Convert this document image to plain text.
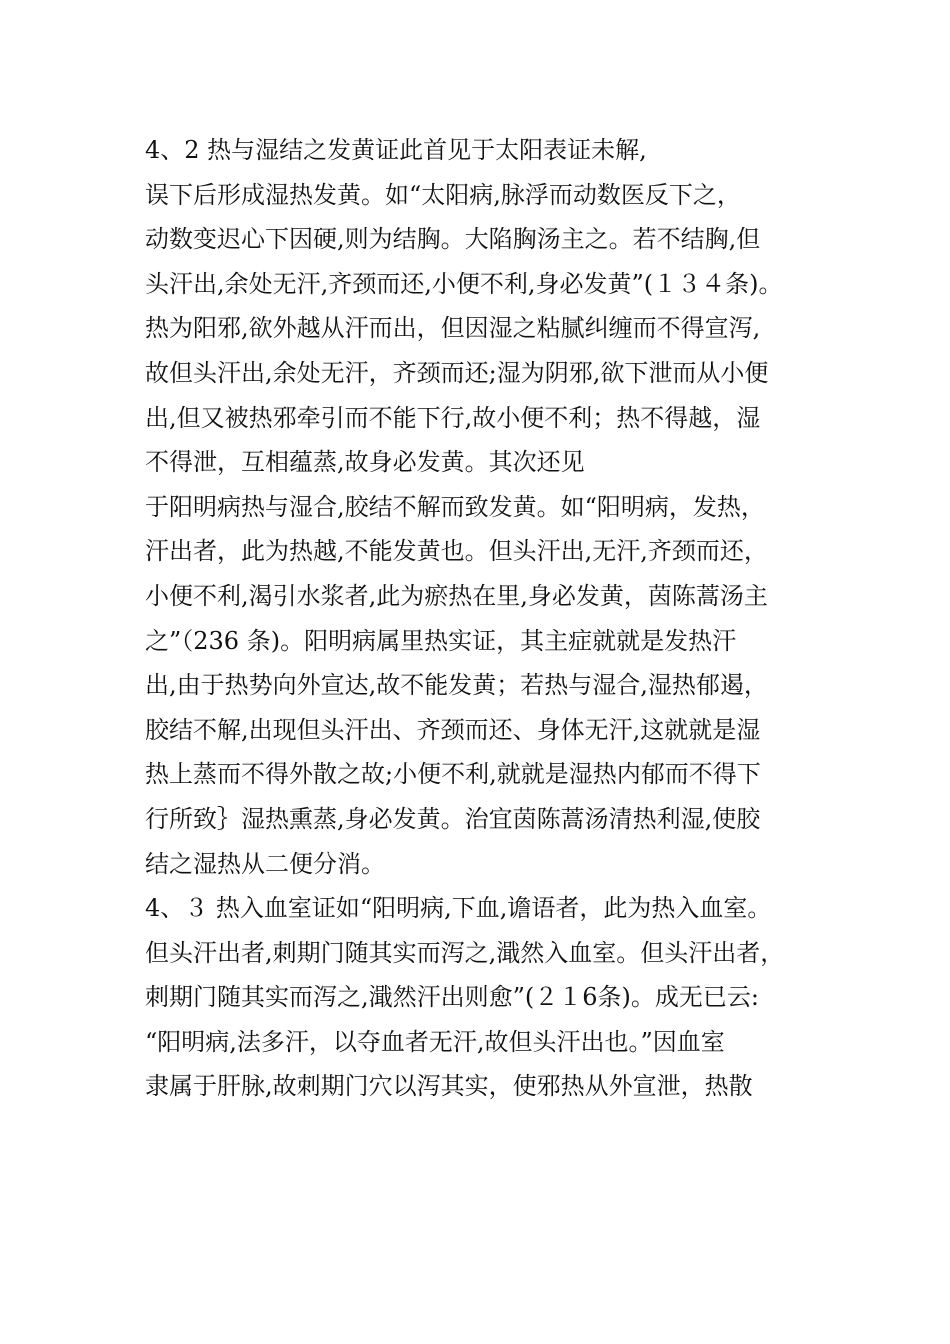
4、2 热与湿结之发黄证此首见于太阳表证未解,
误下后形成湿热发黄。如“太阳病,脉浮而动数医反下之，
动数变迟心下因硬,则为结胸。大陷胸汤主之。若不结胸,但
头汗出,余处无汗,齐颈而还,小便不利,身必发黄”(１３４条)。
热为阳邪,欲外越从汗而出，但因湿之粘腻纠缠而不得宣泻,
故但头汗出,余处无汗，齐颈而还;湿为阴邪,欲下泄而从小便
出,但又被热邪牵引而不能下行,故小便不利；热不得越，湿
不得泄，互相蕴蒸,故身必发黄。其次还见
于阳明病热与湿合,胶结不解而致发黄。如“阳明病，发热，
汗出者，此为热越,不能发黄也。但头汗出,无汗,齐颈而还，
小便不利,渴引水浆者,此为瘀热在里,身必发黄，茵陈蒿汤主
之”（236 条)。阳明病属里热实证，其主症就就是发热汗
出,由于热势向外宣达,故不能发黄；若热与湿合,湿热郁遏，
胶结不解,出现但头汗出、齐颈而还、身体无汗,这就就是湿
热上蒸而不得外散之故;小便不利,就就是湿热内郁而不得下
行所致｝湿热熏蒸,身必发黄。治宜茵陈蒿汤清热利湿,使胶
结之湿热从二便分消。
4、３ 热入血室证如“阳明病,下血,谵语者，此为热入血室。
但头汗出者,刺期门随其实而泻之,濈然入血室。但头汗出者，
刺期门随其实而泻之,濈然汗出则愈”(２１6条)。成无已云:
“阳明病,法多汗，以夺血者无汗,故但头汗出也。”因血室
隶属于肝脉,故刺期门穴以泻其实，使邪热从外宣泄，热散
